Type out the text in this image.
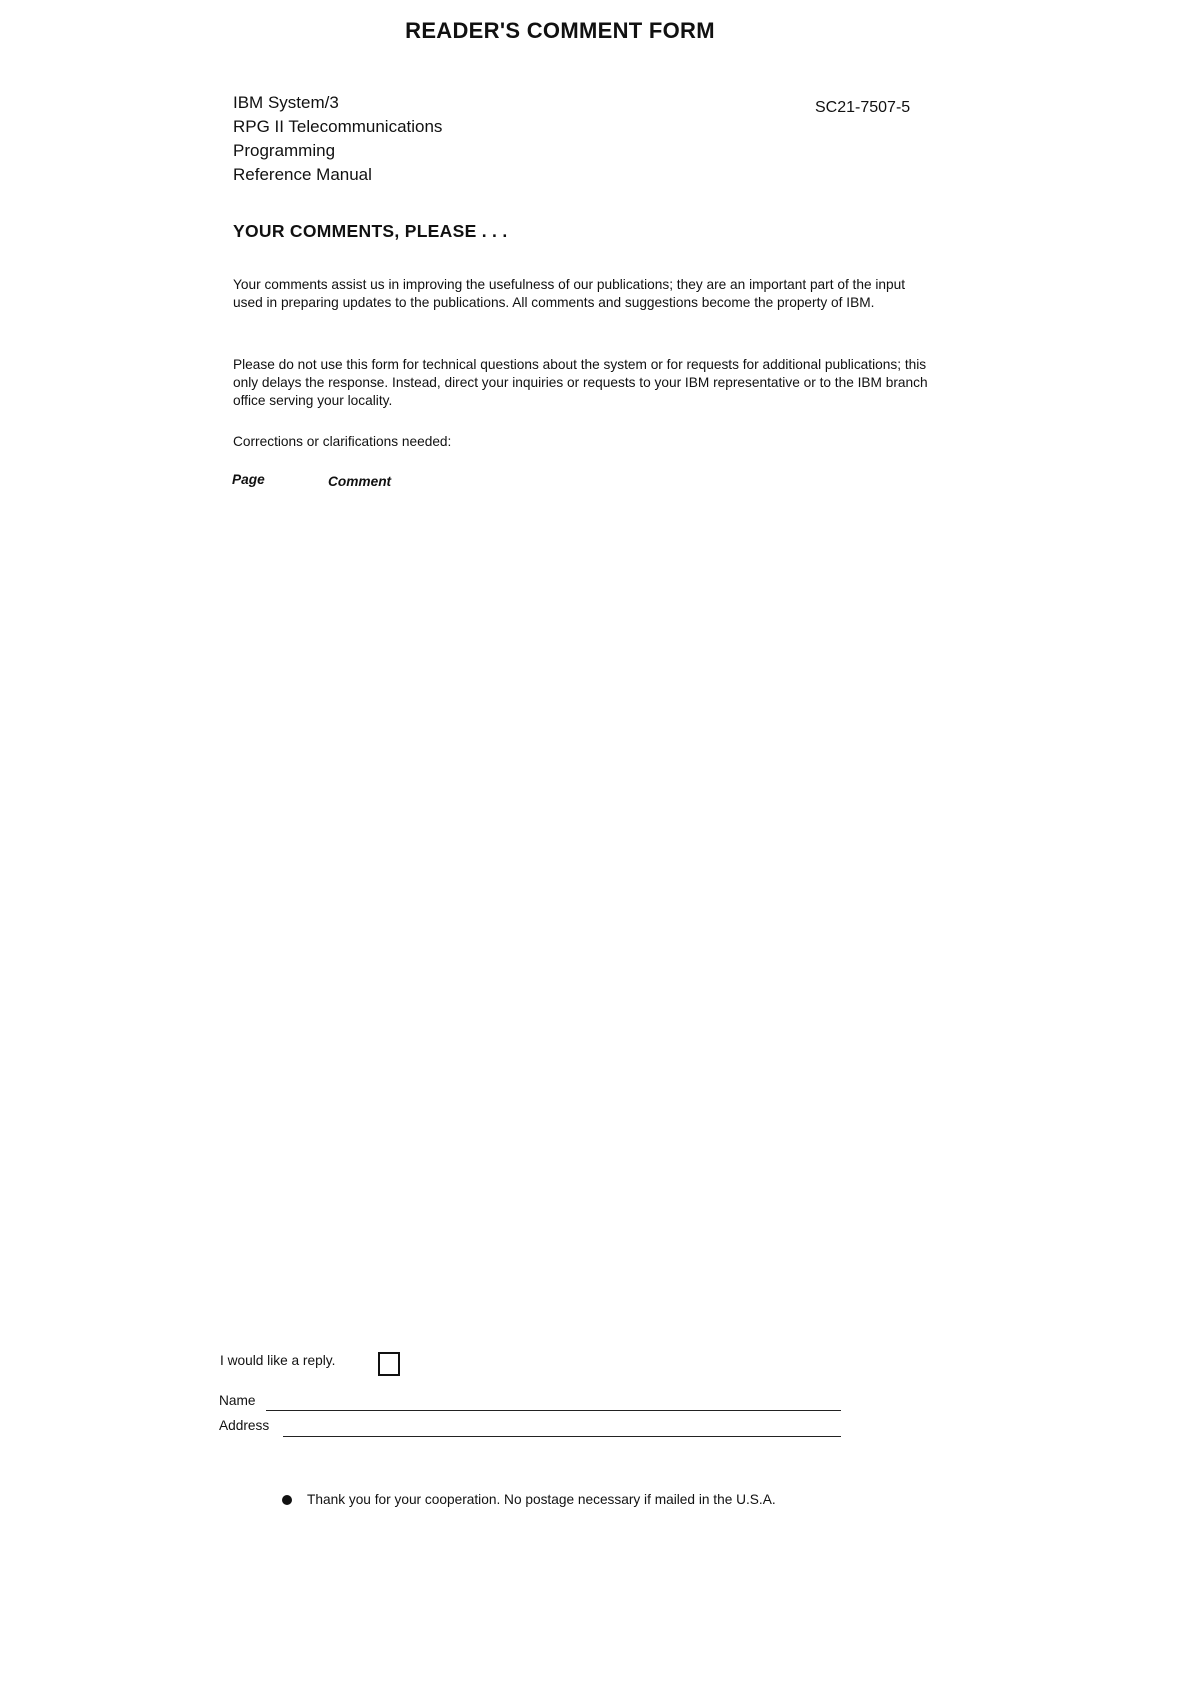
READER'S COMMENT FORM
IBM System/3
RPG II Telecommunications
Programming
Reference Manual
SC21-7507-5
YOUR COMMENTS, PLEASE . . .
Your comments assist us in improving the usefulness of our publications; they are an important part of the input used in preparing updates to the publications. All comments and suggestions become the property of IBM.
Please do not use this form for technical questions about the system or for requests for additional publications; this only delays the response. Instead, direct your inquiries or requests to your IBM representative or to the IBM branch office serving your locality.
Corrections or clarifications needed:
Page	Comment
I would like a reply.
Name
Address
Thank you for your cooperation. No postage necessary if mailed in the U.S.A.
